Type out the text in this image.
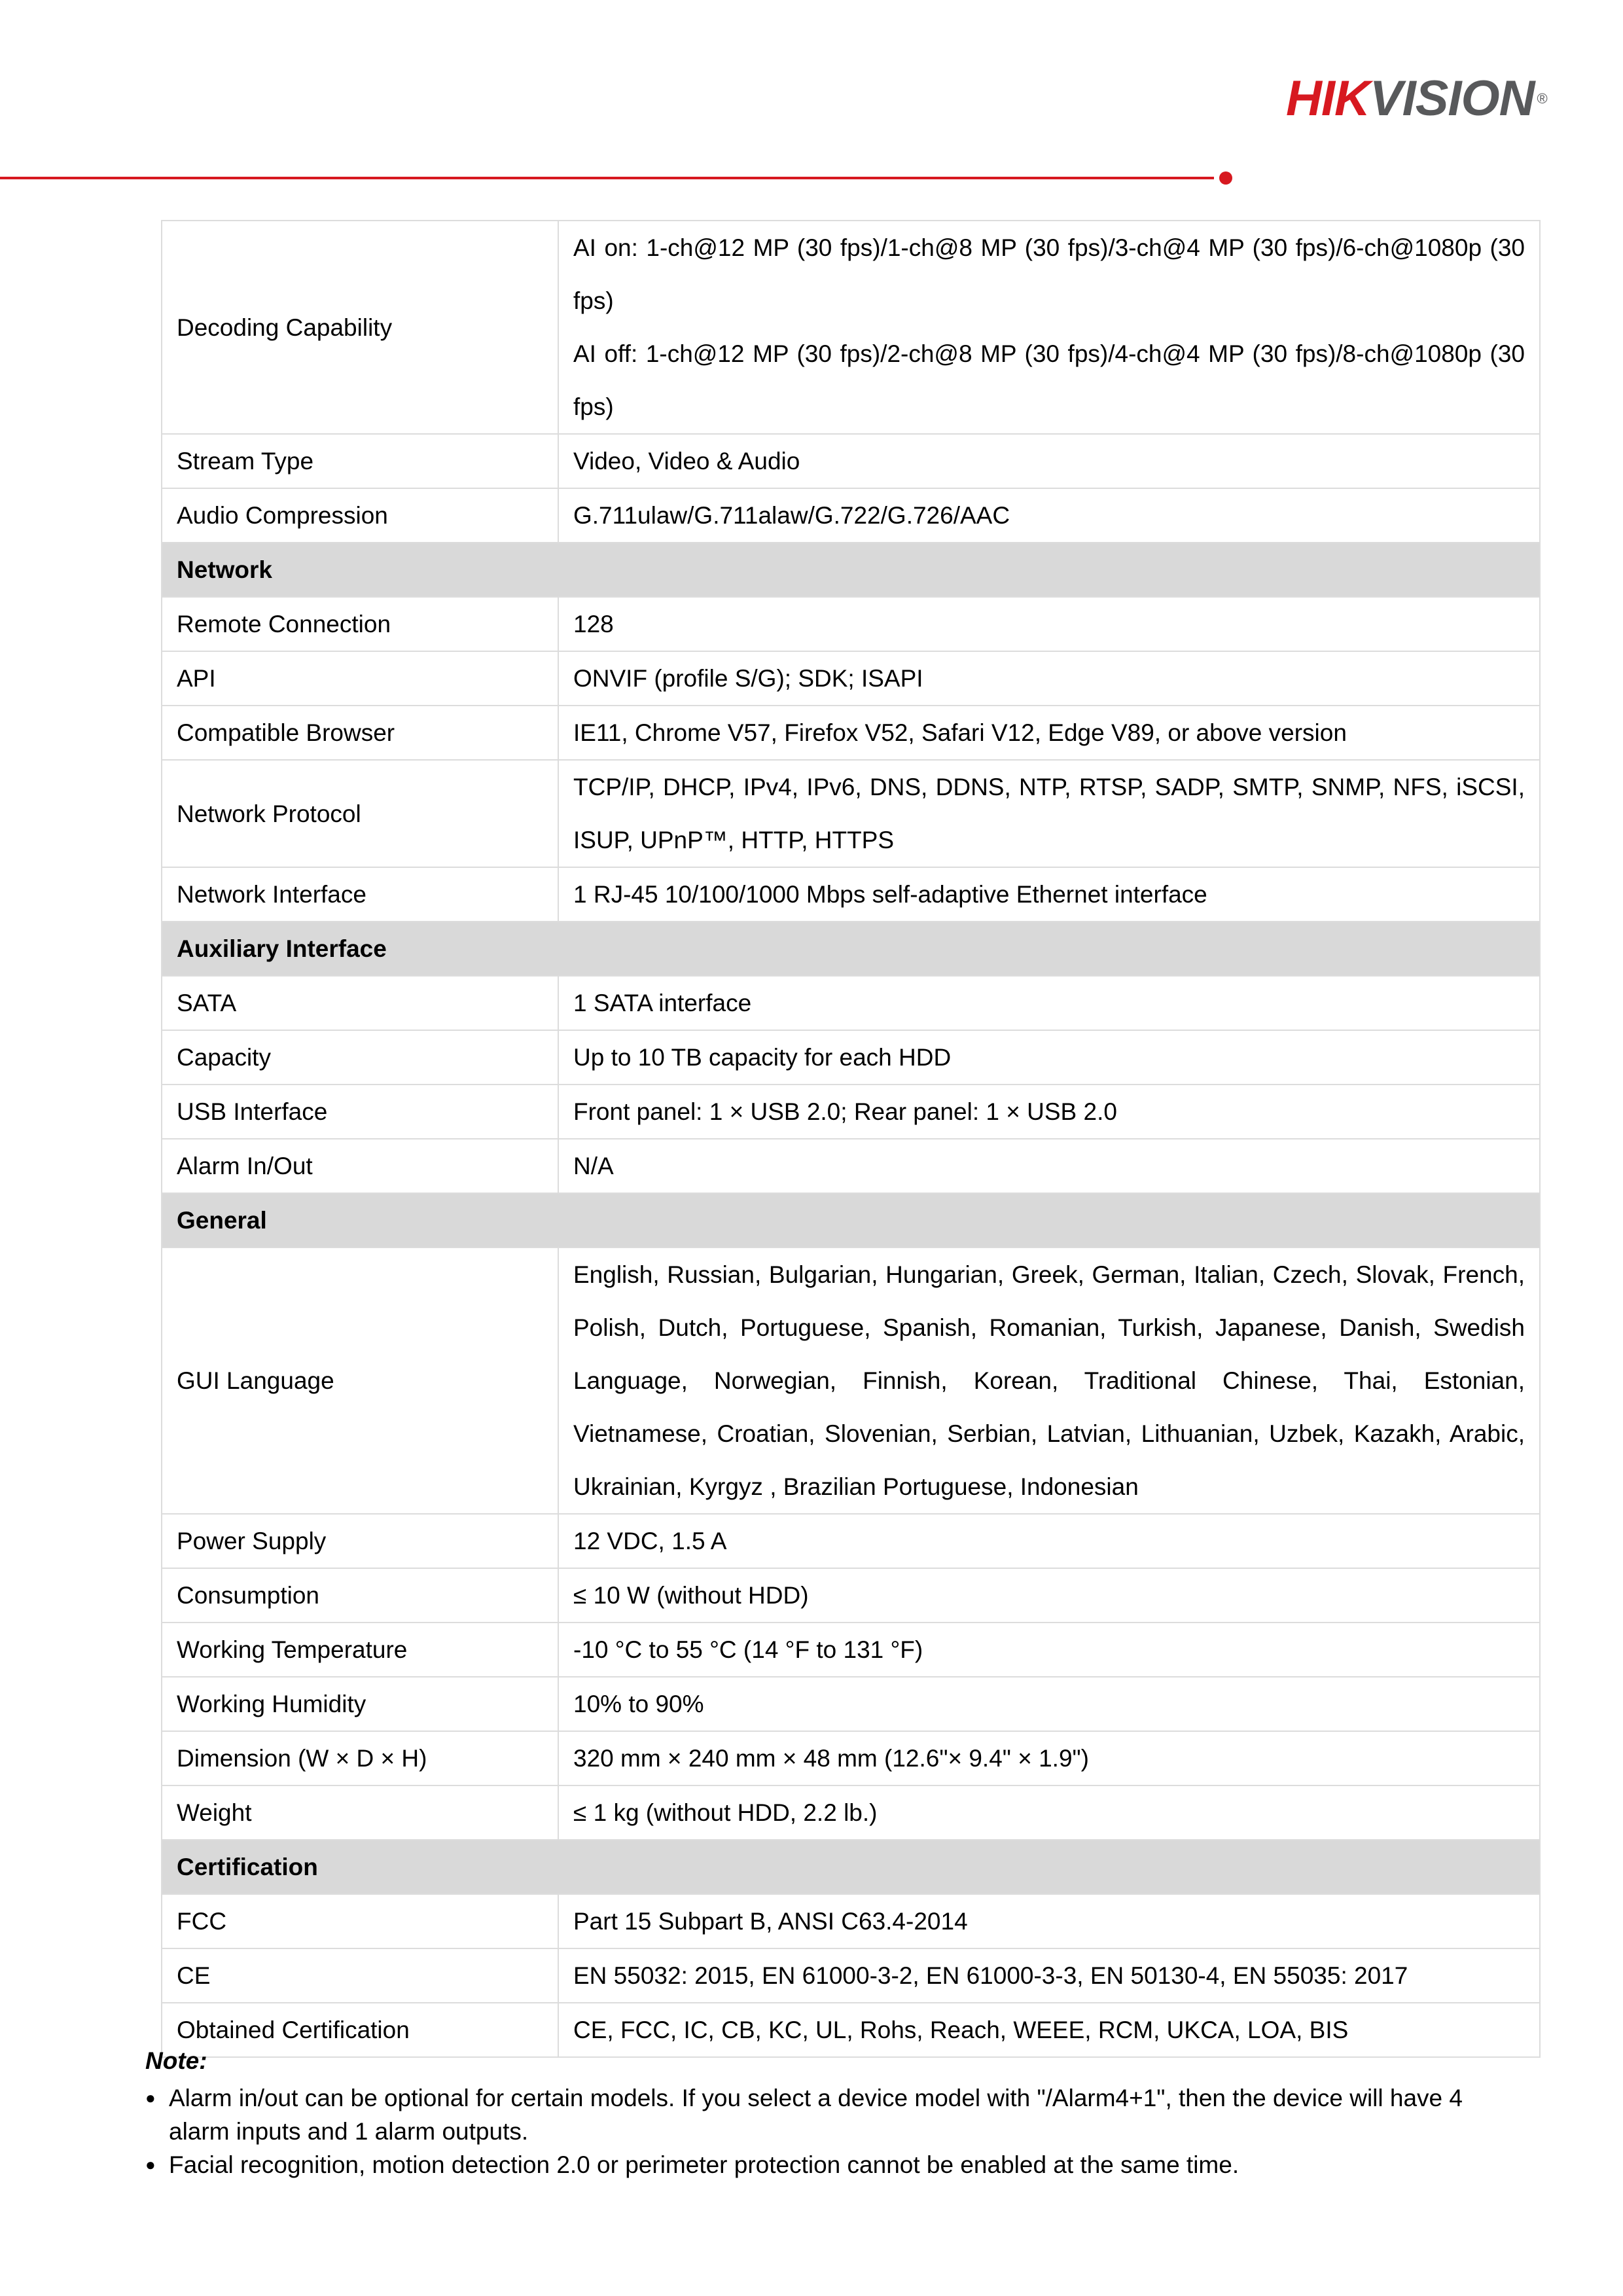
HIKVISION ®
Decoding Capability	AI on: 1-ch@12 MP (30 fps)/1-ch@8 MP (30 fps)/3-ch@4 MP (30 fps)/6-ch@1080p (30 fps)
AI off: 1-ch@12 MP (30 fps)/2-ch@8 MP (30 fps)/4-ch@4 MP (30 fps)/8-ch@1080p (30 fps)

Stream Type	Video, Video & Audio

Audio Compression	G.711ulaw/G.711alaw/G.722/G.726/AAC

Network	
Remote Connection	128

API	ONVIF (profile S/G); SDK; ISAPI

Compatible Browser	IE11, Chrome V57, Firefox V52, Safari V12, Edge V89, or above version

Network Protocol	TCP/IP, DHCP, IPv4, IPv6, DNS, DDNS, NTP, RTSP, SADP, SMTP, SNMP, NFS, iSCSI, ISUP, UPnP™, HTTP, HTTPS

Network Interface	1 RJ-45 10/100/1000 Mbps self-adaptive Ethernet interface

Auxiliary Interface	
SATA	1 SATA interface

Capacity	Up to 10 TB capacity for each HDD

USB Interface	Front panel: 1 × USB 2.0; Rear panel: 1 × USB 2.0

Alarm In/Out	N/A

General	
GUI Language	English, Russian, Bulgarian, Hungarian, Greek, German, Italian, Czech, Slovak, French, Polish, Dutch, Portuguese, Spanish, Romanian, Turkish, Japanese, Danish, Swedish Language, Norwegian, Finnish, Korean, Traditional Chinese, Thai, Estonian, Vietnamese, Croatian, Slovenian, Serbian, Latvian, Lithuanian, Uzbek, Kazakh, Arabic, Ukrainian, Kyrgyz , Brazilian Portuguese, Indonesian

Power Supply	12 VDC, 1.5 A

Consumption	≤ 10 W (without HDD)

Working Temperature	-10 °C to 55 °C (14 °F to 131 °F)

Working Humidity	10% to 90%

Dimension (W × D × H)	320 mm × 240 mm × 48 mm (12.6"× 9.4" × 1.9")

Weight	≤ 1 kg (without HDD, 2.2 lb.)

Certification	
FCC	Part 15 Subpart B, ANSI C63.4-2014

CE	EN 55032: 2015, EN 61000-3-2, EN 61000-3-3, EN 50130-4, EN 55035: 2017

Obtained Certification	CE, FCC, IC, CB, KC, UL, Rohs, Reach, WEEE, RCM, UKCA, LOA, BIS
Note:
● Alarm in/out can be optional for certain models. If you select a device model with "/Alarm4+1", then the device will have 4 alarm inputs and 1 alarm outputs.
● Facial recognition, motion detection 2.0 or perimeter protection cannot be enabled at the same time.
